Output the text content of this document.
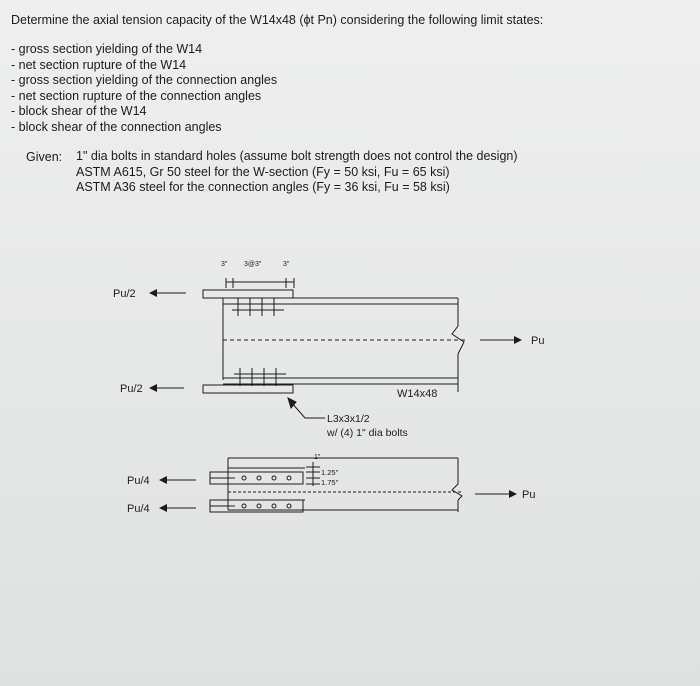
Determine the axial tension capacity of the W14x48 (ϕt Pn) considering the following limit states:

- gross section yielding of the W14
- net section rupture of the W14
- gross section yielding of the connection angles
- net section rupture of the connection angles
- block shear of the W14
- block shear of the connection angles
Given: 1" dia bolts in standard holes (assume bolt strength does not control the design)
ASTM A615, Gr 50 steel for the W-section (Fy = 50 ksi, Fu = 65 ksi)
ASTM A36 steel for the connection angles (Fy = 36 ksi, Fu = 58 ksi)
3" 3@3"	3"
Pu/2
Pu/2
Pu
W14x48
L3x3x1/2
w/ (4) 1" dia bolts
1"
1.25"
1.75"
Pu/4
Pu/4
Pu
